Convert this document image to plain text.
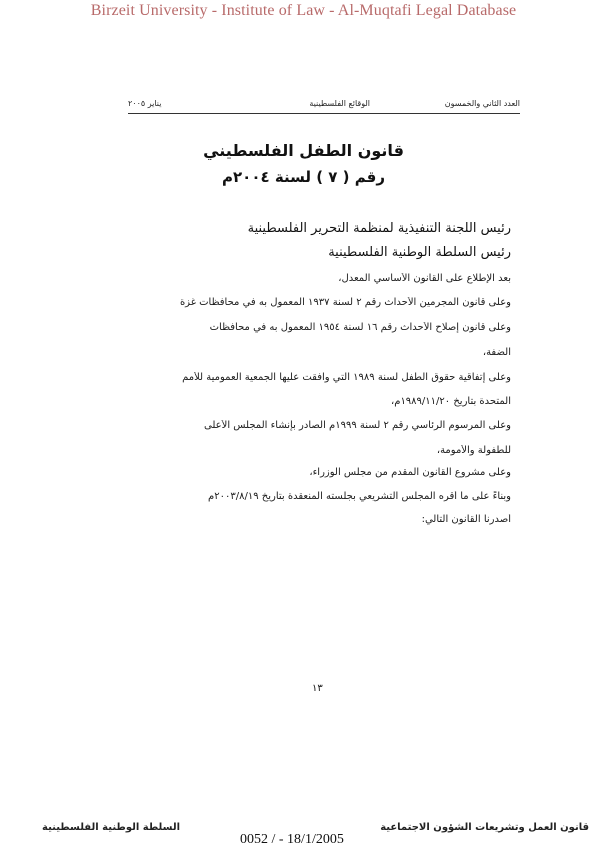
Birzeit University - Institute of Law - Al-Muqtafi Legal Database
العدد الثاني والخمسون
الوقائع الفلسطينية
يناير ٢٠٠٥
قانون الطفل الفلسطيني
رقم ( ٧ ) لسنة ٢٠٠٤م
رئيس اللجنة التنفيذية لمنظمة التحرير الفلسطينية
رئيس السلطة الوطنية الفلسطينية
بعد الإطلاع على القانون الأساسي المعدل،
وعلى قانون المجرمين الأحداث رقم ٢ لسنة ١٩٣٧ المعمول به في محافظات غزة
وعلى قانون إصلاح الأحداث رقم ١٦ لسنة ١٩٥٤ المعمول به في محافظات
الضفة،
وعلى إتفاقية حقوق الطفل لسنة ١٩٨٩ التي وافقت عليها الجمعية العمومية للأمم
المتحدة بتاريخ ١٩٨٩/١١/٢٠م،
وعلى المرسوم الرئاسي رقم ٢ لسنة ١٩٩٩م الصادر بإنشاء المجلس الأعلى
للطفولة والأمومة،
وعلى مشروع القانون المقدم من مجلس الوزراء،
وبناءً على ما أقره المجلس التشريعي بجلسته المنعقدة بتاريخ ٢٠٠٣/٨/١٩م
أصدرنا القانون التالي:
١٣
قانون العمل وتشريعات الشؤون الاجتماعية
السلطة الوطنية الفلسطينية
0052 / - 18/1/2005
